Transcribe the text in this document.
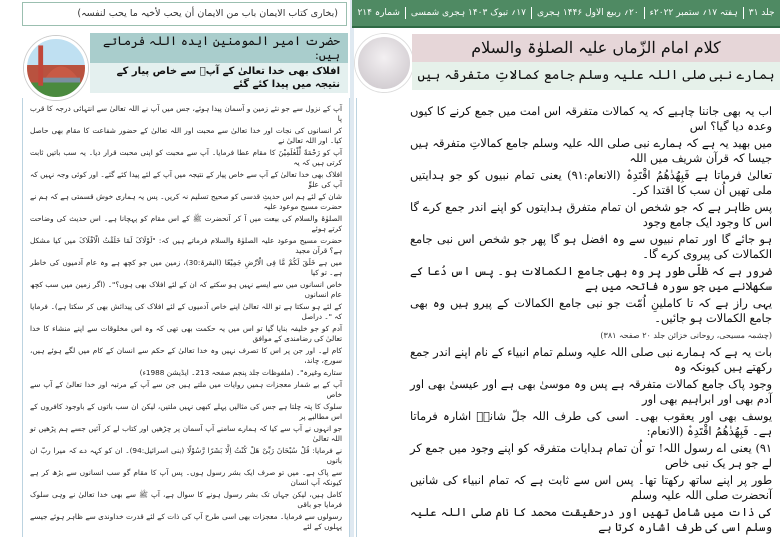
جلد ۳۱
ہفتہ ۱۷؍ ستمبر ۲۰۲۲ء
۲۰؍ ربیع الاول ۱۴۴۶ ہجری
۱۷؍ تبوک ۱۴۰۳ ہجری شمسی
شمارہ ۲۱۴
(بخاری کتاب الایمان باب من الایمان أن یحب لأخیہ ما یحب لنفسہ)
کلام امام الزّماں علیہ الصلوٰۃ والسلام
ہمارے نبی صلی اللہ علیہ وسلم جامع کمالاتِ متفرقہ ہیں
حضرت امیر المومنین ایدہ اللہ فرماتے ہیں:
افلاک بھی خدا تعالیٰ کے آپؐ سے خاص پیار کے نتیجہ میں پیدا کئے گئے
اب یہ بھی جاننا چاہیے کہ یہ کمالات متفرقہ اس امت میں جمع کرنے کا کیوں وعدہ دیا گیا؟ اس
میں بھید یہ ہے کہ ہمارے نبی صلی اللہ علیہ وسلم جامع کمالاتِ متفرقہ ہیں جیسا کہ قرآن شریف میں اللہ
تعالیٰ فرماتا ہے فَبِھُدٰھُمُ اقْتَدِہْ (الانعام:۹۱) یعنی تمام نبیوں کو جو ہدایتیں ملی تھیں اُن سب کا اقتدا کر۔
پس ظاہر ہے کہ جو شخص ان تمام متفرق ہدایتوں کو اپنے اندر جمع کرے گا اس کا وجود ایک جامع وجود
ہو جائے گا اور تمام نبیوں سے وہ افضل ہو گا پھر جو شخص اس نبی جامع الکمالات کی پیروی کرے گا۔
ضرور ہے کہ ظلّی طور پر وہ بھی جامع الکمالات ہو۔ پس اس دُعا کے سکھلانے میں جو سورہ فاتحہ میں ہے
یہی راز ہے کہ تا کاملینِ اُمّت جو نبی جامع الکمالات کے پیرو ہیں وہ بھی جامع الکمالات ہو جائیں۔
(چشمہ مسیحی، روحانی خزائن جلد ۲۰ صفحہ ۳۸۱)
بات یہ ہے کہ ہمارے نبی صلی اللہ علیہ وسلم تمام انبیاء کے نام اپنے اندر جمع رکھتے ہیں کیونکہ وہ
وجود پاک جامع کمالات متفرقہ ہے پس وہ موسیٰ بھی ہے اور عیسیٰ بھی اور آدم بھی اور ابراہیم بھی اور
یوسف بھی اور یعقوب بھی۔ اسی کی طرف اللہ جلّ شانہٗ اشارہ فرماتا ہے۔ فَبِھُدٰھُمُ اقْتَدِہْ (الانعام:
۹۱) یعنی اے رسول اللہ! تو اُن تمام ہدایات متفرقہ کو اپنے وجود میں جمع کر لے جو ہر یک نبی خاص
طور پر اپنے ساتھ رکھتا تھا۔ پس اس سے ثابت ہے کہ تمام انبیاء کی شانیں آنحضرت صلی اللہ علیہ وسلم
کی ذات میں شامل تھیں اور درحقیقت محمد کا نام صلی اللہ علیہ وسلم اسی کی طرف اشارہ کرتا ہے
آپ کے نزول سے جو نئے زمین و آسمان پیدا ہوئے، جس میں آپ نے اللہ تعالیٰ سے انتہائی درجہ کا قرب پا
کر انسانوں کی نجات اور خدا تعالیٰ سے محبت اور اللہ تعالیٰ کے حضور شفاعت کا مقام بھی حاصل کیا۔ اور اللہ تعالیٰ نے
آپ کو رَحْمَةً لِّلْعٰلَمِیْنَ کا مقام عطا فرمایا۔ آپ سے محبت کو اپنی محبت قرار دیا۔ یہ سب باتیں ثابت کرتی ہیں کہ یہ
افلاک بھی خدا تعالیٰ کے آپ سے خاص پیار کے نتیجہ میں آپ کے لئے پیدا کئے گئے۔ اور کوئی وجہ نہیں کہ آپ کی علوِّ
شان کے لئے ہم اس حدیثِ قدسی کو صحیح تسلیم نہ کریں۔ پس یہ ہماری خوش قسمتی ہے کہ ہم نے حضرت مسیح موعود علیہ
الصلوٰۃ والسلام کی بیعت میں آ کر آنحضرت ﷺ کے اس مقام کو پہچانا ہے۔ اس حدیث کی وضاحت کرتے ہوئے
حضرت مسیح موعود علیہ الصلوٰۃ والسلام فرماتے ہیں کہ: "لَوْلَاکَ لَمَا خَلَقْتُ الْاَفْلَاکَ میں کیا مشکل ہے؟ قرآن مجید
میں ہے خَلَقَ لَکُمْ مَّا فِی الْاَرْضِ جَمِیْعًا (البقرۃ:30)، زمین میں جو کچھ ہے وہ عام آدمیوں کی خاطر ہے۔ تو کیا
خاص انسانوں میں سے ایسے نہیں ہو سکتے کہ ان کے لئے افلاک بھی ہوں؟"۔ (اگر زمین میں سب کچھ عام انسانوں
کے لئے ہو سکتا ہے تو اللہ تعالیٰ اپنے خاص آدمیوں کے لئے افلاک کی پیدائش بھی کر سکتا ہے)۔ فرمایا کہ "۔ دراصل
آدم کو جو خلیفہ بنایا گیا تو اس میں یہ حکمت بھی تھی کہ وہ اس مخلوقات سے اپنے منشاء کا خدا تعالیٰ کی رضامندی کے موافق
کام لے۔ اور جن پر اس کا تصرف نہیں وہ خدا تعالیٰ کے حکم سے انسان کے کام میں لگے ہوئے ہیں، سورج، چاند،
ستارے وغیرہ"۔ (ملفوظات جلد پنجم صفحہ 213۔ ایڈیشن 1988ء)
آپ کے بے شمار معجزات ہمیں روایات میں ملتے ہیں جن سے آپ کے مرتبہ اور خدا تعالیٰ کے آپ سے خاص
سلوک کا پتہ چلتا ہے جس کی مثالیں پہلے کبھی نہیں ملتیں، لیکن ان سب باتوں کے باوجود کافروں کے اس مطالبے پر
جو انہوں نے آپ سے کیا کہ ہمارے سامنے آپ آسمان پر چڑھیں اور کتاب لے کر آئیں جسے ہم پڑھیں تو اللہ تعالیٰ
نے فرمایا: قُلْ سُبْحَانَ رَبِّیْ هَلْ کُنْتُ اِلَّا بَشَرًا رَّسُوْلًا (بنی اسرائیل:94)۔ ان کو کہہ دے کہ میرا ربّ ان باتوں
سے پاک ہے۔ میں تو صرف ایک بشر رسول ہوں۔ پس آپ کا مقام گو سب انسانوں سے بڑھ کر ہے کیونکہ آپ انسان
کامل ہیں، لیکن جہاں تک بشر رسول ہونے کا سوال ہے، آپ ﷺ سے بھی خدا تعالیٰ نے وہی سلوک فرمایا جو باقی
رسولوں سے فرمایا۔ معجزات بھی اسی طرح آپ کی ذات کے لئے قدرت خداوندی سے ظاہر ہوئے جیسے پہلوں کے لئے
